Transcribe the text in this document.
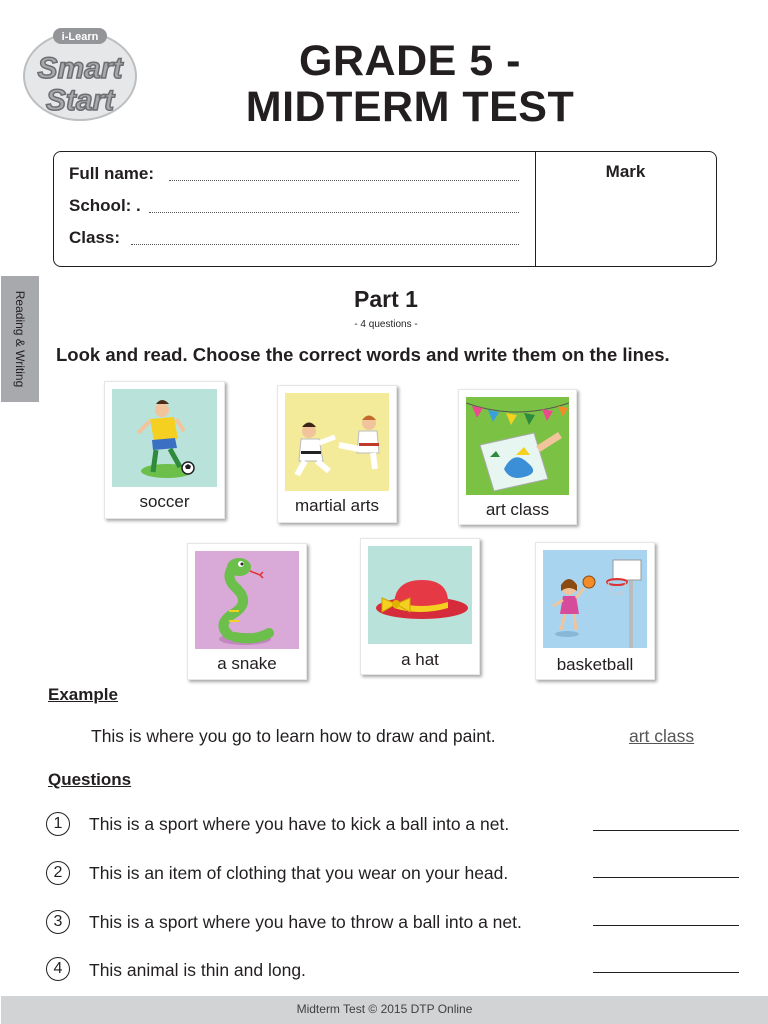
i-Learn
Smart
Start
GRADE 5 -
MIDTERM TEST
Full name:
School: .
Class:
Mark
Reading & Writing	Part 1
- 4 questions -
Look and read. Choose the correct words and write them on the lines.
soccer	martial arts	art class
a snake	a hat	basketball
Example
This is where you go to learn how to draw and paint.	art class
Questions
1	This is a sport where you have to kick a ball into a net.
2	This is an item of clothing that you wear on your head.
3	This is a sport where you have to throw a ball into a net.
4	This animal is thin and long.
Midterm Test © 2015 DTP Online
